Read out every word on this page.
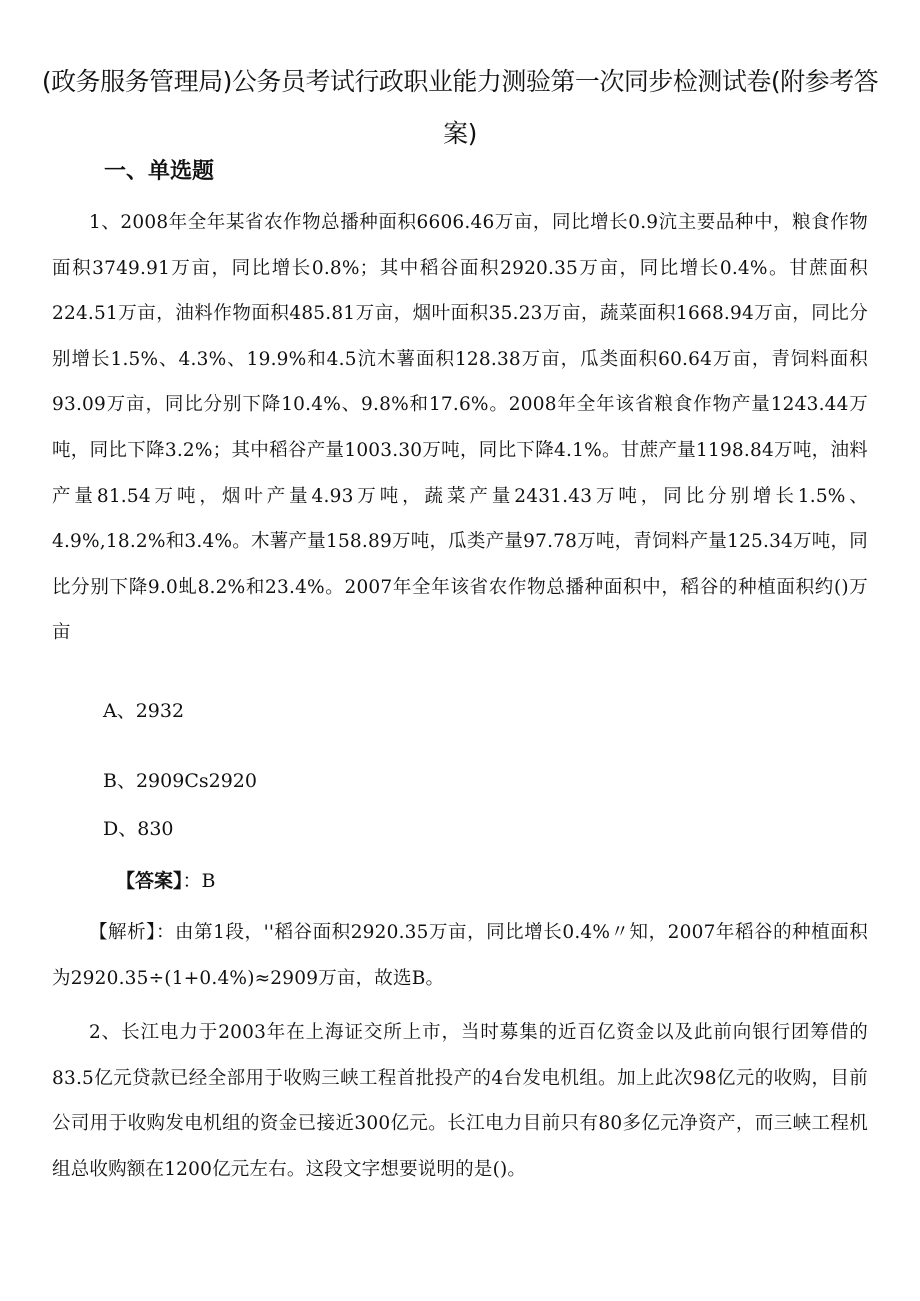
(政务服务管理局)公务员考试行政职业能力测验第一次同步检测试卷(附参考答案)
一、单选题

1、2008年全年某省农作物总播种面积6606.46万亩，同比增长0.9沆主要品种中，粮食作物面积3749.91万亩，同比增长0.8%；其中稻谷面积2920.35万亩，同比增长0.4%。甘蔗面积224.51万亩，油料作物面积485.81万亩，烟叶面积35.23万亩，蔬菜面积1668.94万亩，同比分别增长1.5%、4.3%、19.9%和4.5沆木薯面积128.38万亩，瓜类面积60.64万亩，青饲料面积93.09万亩，同比分别下降10.4%、9.8%和17.6%。2008年全年该省粮食作物产量1243.44万吨，同比下降3.2%；其中稻谷产量1003.30万吨，同比下降4.1%。甘蔗产量1198.84万吨，油料产量81.54万吨，烟叶产量4.93万吨，蔬菜产量2431.43万吨，同比分别增长1.5%、4.9%,18.2%和3.4%。木薯产量158.89万吨，瓜类产量97.78万吨，青饲料产量125.34万吨，同比分别下降9.0虬8.2%和23.4%。2007年全年该省农作物总播种面积中，稻谷的种植面积约()万亩

A、2932

B、2909Cs2920

D、830

【答案】：B

【解析】：由第1段，''稻谷面积2920.35万亩，同比增长0.4%〃知，2007年稻谷的种植面积为2920.35÷(1+0.4%)≈2909万亩，故选B。

2、长江电力于2003年在上海证交所上市，当时募集的近百亿资金以及此前向银行团筹借的83.5亿元贷款已经全部用于收购三峡工程首批投产的4台发电机组。加上此次98亿元的收购，目前公司用于收购发电机组的资金已接近300亿元。长江电力目前只有80多亿元净资产，而三峡工程机组总收购额在1200亿元左右。这段文字想要说明的是()。
